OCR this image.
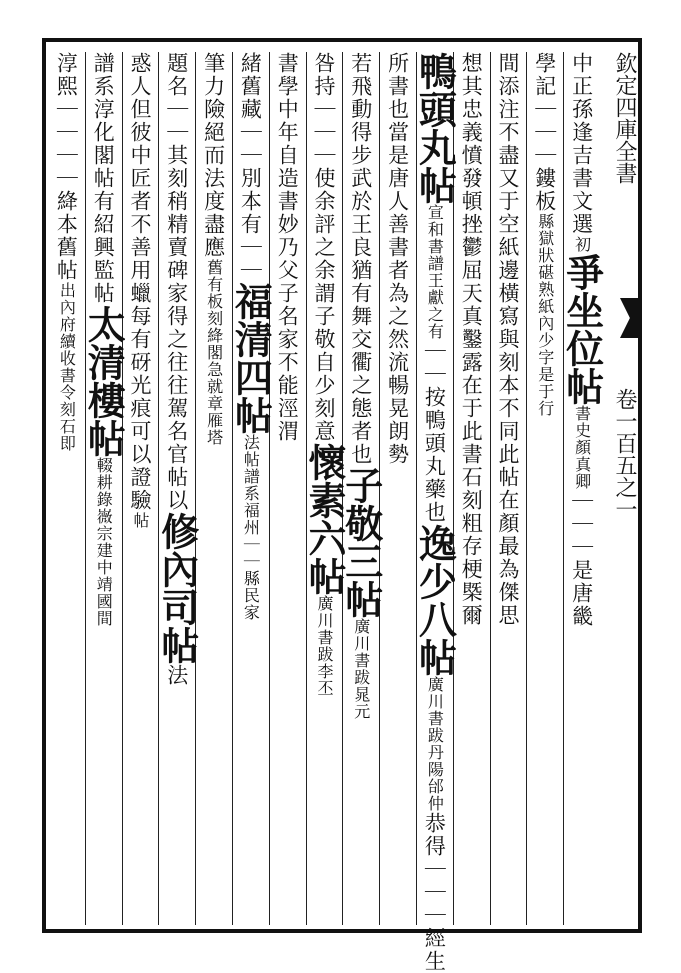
欽定四庫全書
卷一百五之一
中正孫逢吉書文選初爭坐位帖書史顏真卿｜｜｜是唐畿
學記｜｜｜鏤板縣獄狀碪熟紙內少字是于行
間添注不盡又于空紙邊橫寫與刻本不同此帖在顏最為傑思
想其忠義憤發頓挫鬱屈天真鑿露在于此書石刻粗存梗槩爾
鴨頭丸帖宣和書譜王獻之有｜｜按鴨頭丸藥也逸少八帖廣川書跋丹陽邰仲恭得｜｜｜經生
所書也當是唐人善書者為之然流暢晃朗勢
若飛動得步武於王良猶有舞交衢之態者也子敬三帖廣川書跋晁元
咎持｜｜｜使余評之余謂子敬自少刻意懷素六帖廣川書跋李丕
書學中年自造書妙乃父子名家不能涇渭
緒舊藏｜｜別本有｜｜福清四帖法帖譜系福州｜｜縣民家
筆力險絕而法度盡應舊有板刻絳閣急就章雁塔
題名｜｜其刻稍精賣碑家得之往往駕名官帖以修內司帖法
惑人但彼中匠者不善用蠟每有砑光痕可以證驗帖
譜系淳化閣帖有紹興監帖太清樓帖輟耕錄嶶宗建中靖國間
淳熙｜｜｜｜絳本舊帖出內府續收書令刻石即
